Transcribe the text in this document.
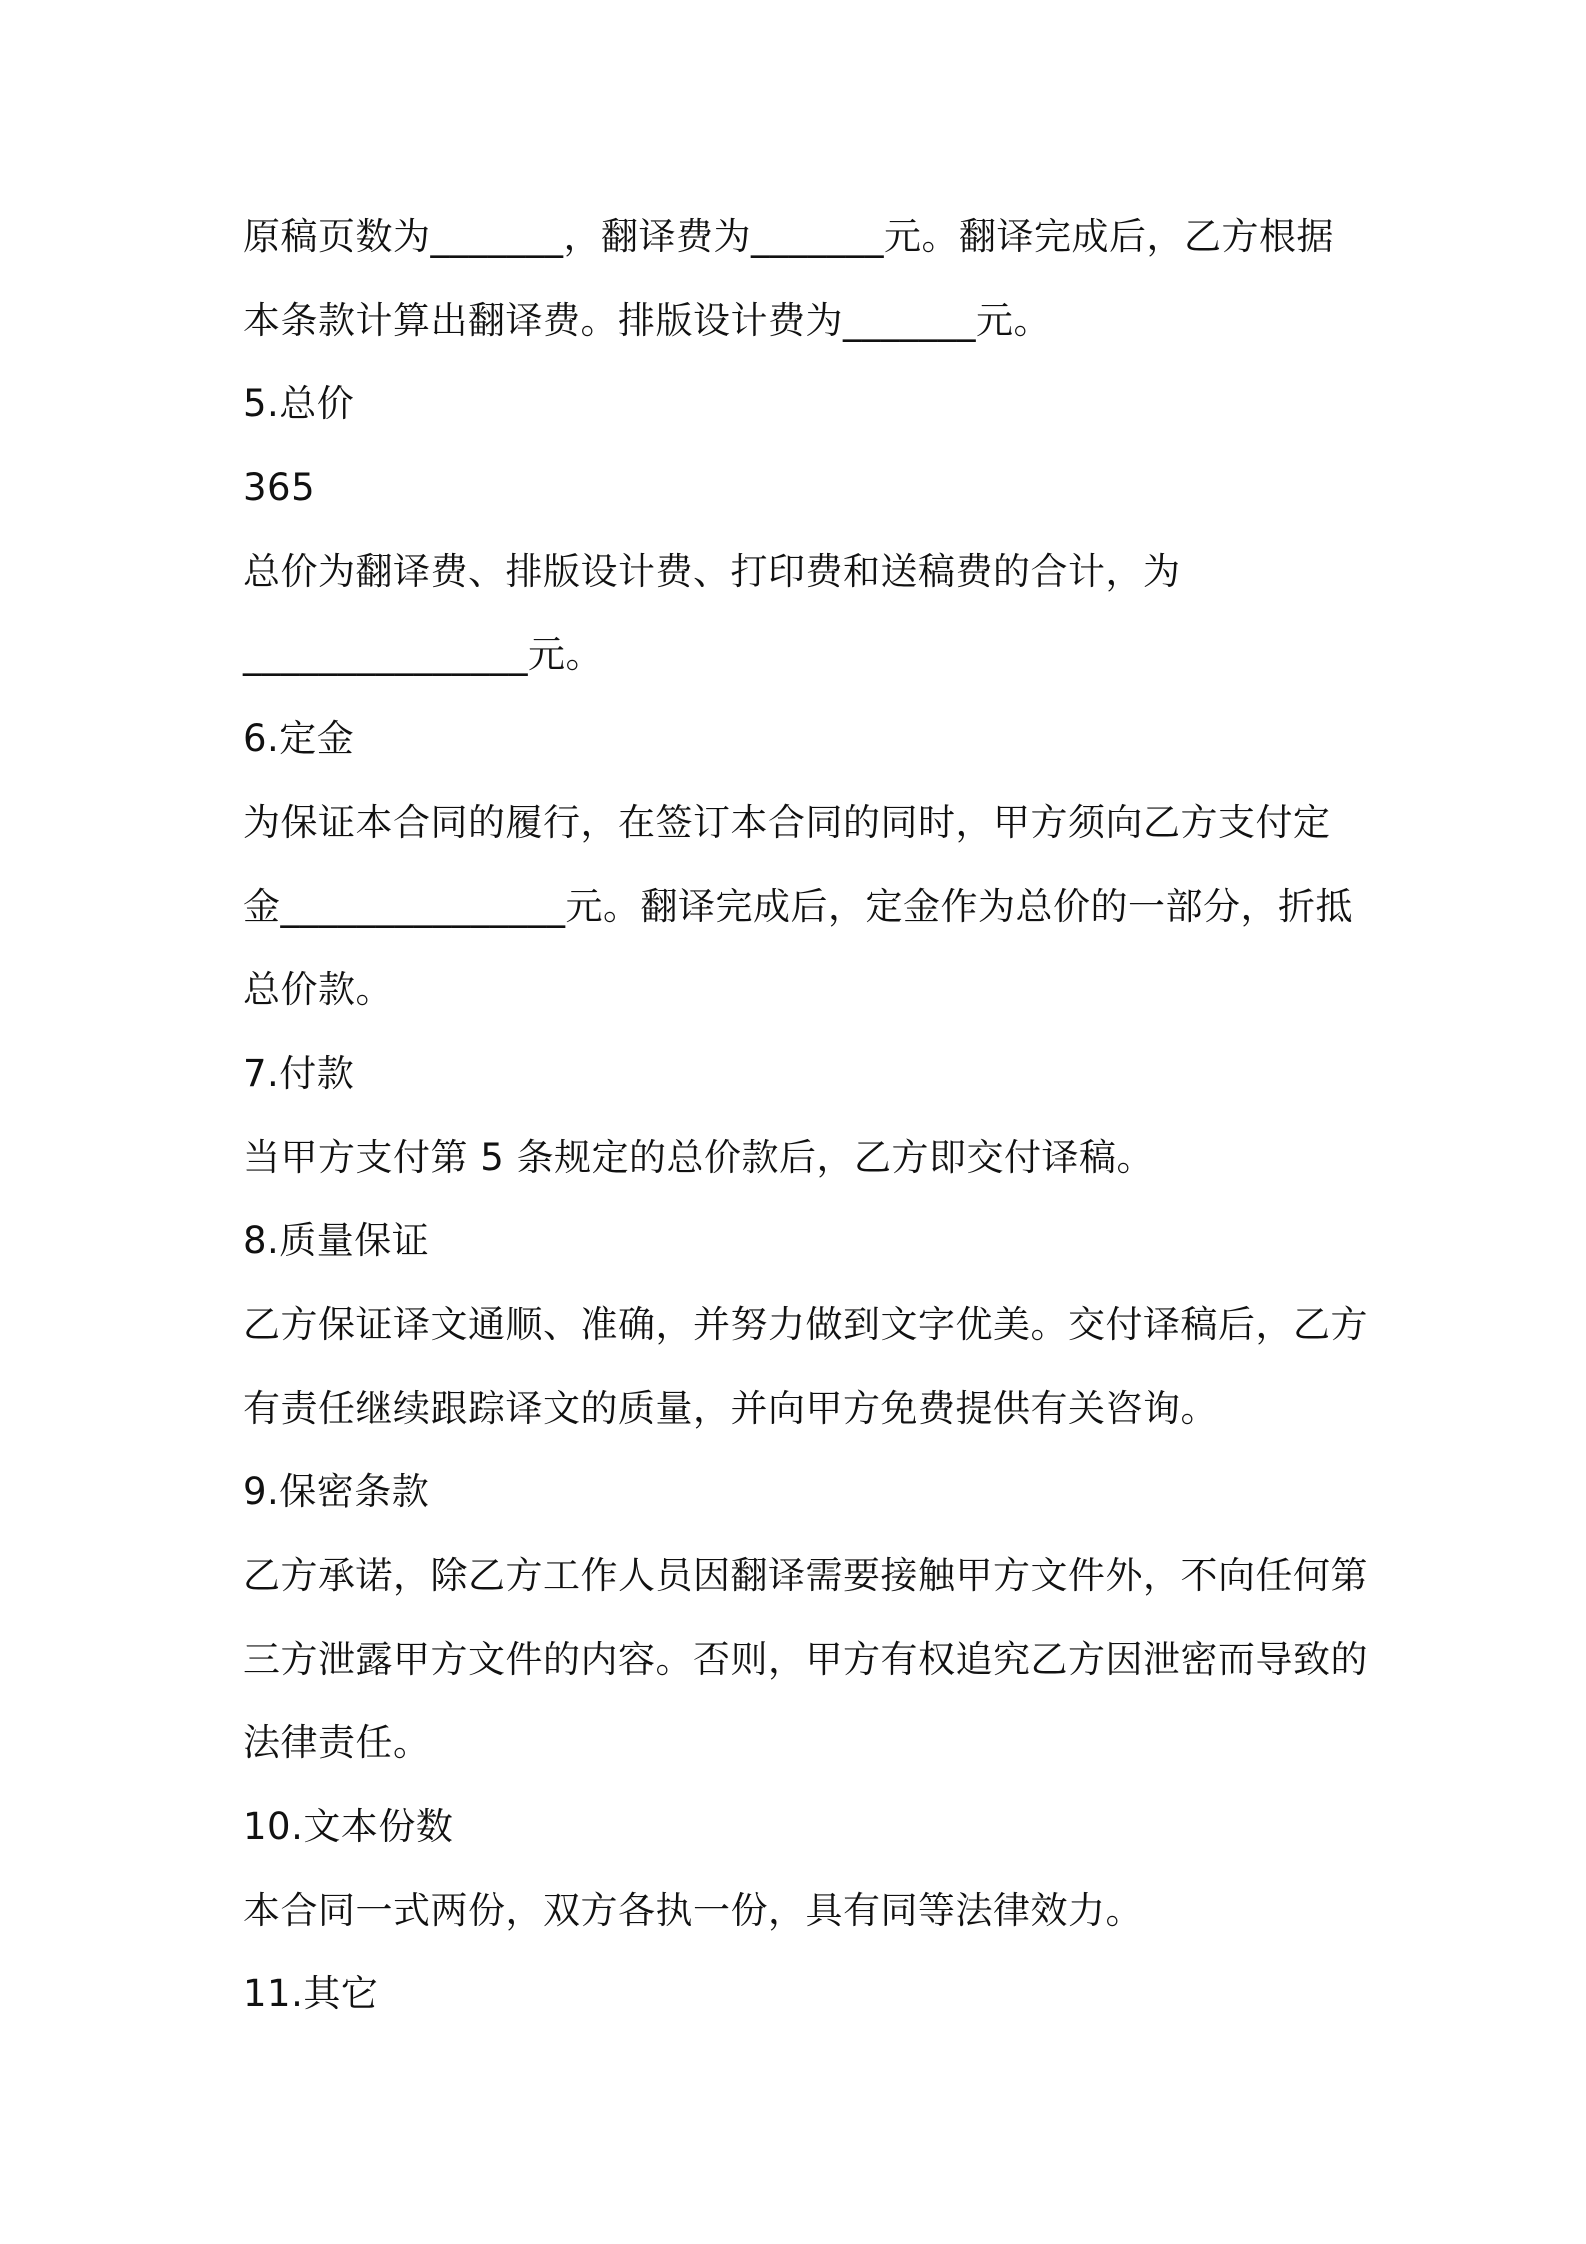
原稿页数为_______，翻译费为_______元。翻译完成后，乙方根据
本条款计算出翻译费。排版设计费为_______元。
5.总价
365
总价为翻译费、排版设计费、打印费和送稿费的合计，为
_______________元。
6.定金
为保证本合同的履行，在签订本合同的同时，甲方须向乙方支付定
金_______________元。翻译完成后，定金作为总价的一部分，折抵
总价款。
7.付款
当甲方支付第 5 条规定的总价款后，乙方即交付译稿。
8.质量保证
乙方保证译文通顺、准确，并努力做到文字优美。交付译稿后，乙方
有责任继续跟踪译文的质量，并向甲方免费提供有关咨询。
9.保密条款
乙方承诺，除乙方工作人员因翻译需要接触甲方文件外，不向任何第
三方泄露甲方文件的内容。否则，甲方有权追究乙方因泄密而导致的
法律责任。
10.文本份数
本合同一式两份，双方各执一份，具有同等法律效力。
11.其它
